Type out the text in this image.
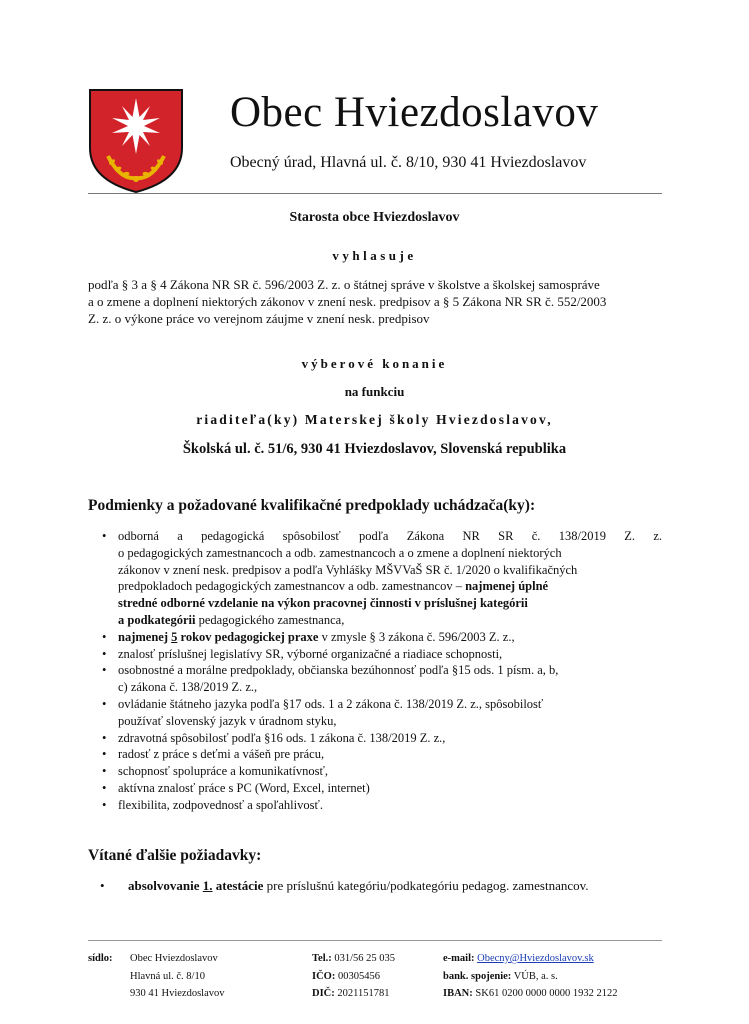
Obec Hviezdoslavov
Obecný úrad, Hlavná ul. č. 8/10, 930 41 Hviezdoslavov
Starosta obce Hviezdoslavov
vyhlasuje
podľa § 3 a § 4 Zákona NR SR č. 596/2003 Z. z. o štátnej správe v školstve a školskej samospráve
a o zmene a doplnení niektorých zákonov v znení nesk. predpisov a § 5 Zákona NR SR č. 552/2003
Z. z. o výkone práce vo verejnom záujme v znení nesk. predpisov
výberové konanie
na funkciu
riaditeľa(ky) Materskej školy Hviezdoslavov,
Školská ul. č. 51/6, 930 41 Hviezdoslavov, Slovenská republika
Podmienky a požadované kvalifikačné predpoklady uchádzača(ky):
• odborná a pedagogická spôsobilosť podľa Zákona NR SR č. 138/2019 Z. z.
o pedagogických zamestnancoch a odb. zamestnancoch a o zmene a doplnení niektorých
zákonov v znení nesk. predpisov a podľa Vyhlášky MŠVVaŠ SR č. 1/2020 o kvalifikačných
predpokladoch pedagogických zamestnancov a odb. zamestnancov – najmenej úplné
stredné odborné vzdelanie na výkon pracovnej činnosti v príslušnej kategórii
a podkategórii pedagogického zamestnanca,
• najmenej 5 rokov pedagogickej praxe v zmysle § 3 zákona č. 596/2003 Z. z.,
• znalosť príslušnej legislatívy SR, výborné organizačné a riadiace schopnosti,
• osobnostné a morálne predpoklady, občianska bezúhonnosť podľa §15 ods. 1 písm. a, b,
c) zákona č. 138/2019 Z. z.,
• ovládanie štátneho jazyka podľa §17 ods. 1 a 2 zákona č. 138/2019 Z. z., spôsobilosť
používať slovenský jazyk v úradnom styku,
• zdravotná spôsobilosť podľa §16 ods. 1 zákona č. 138/2019 Z. z.,
• radosť z práce s deťmi a vášeň pre prácu,
• schopnosť spolupráce a komunikatívnosť,
• aktívna znalosť práce s PC (Word, Excel, internet)
• flexibilita, zodpovednosť a spoľahlivosť.
Vítané ďalšie požiadavky:
• absolvovanie 1. atestácie pre príslušnú kategóriu/podkategóriu pedagog. zamestnancov.
sídlo: Obec Hviezdoslavov
Hlavná ul. č. 8/10
930 41 Hviezdoslavov
Tel.: 031/56 25 035
IČO: 00305456
DIČ: 2021151781
e-mail: Obecny@Hviezdoslavov.sk
bank. spojenie: VÚB, a. s.
IBAN: SK61 0200 0000 0000 1932 2122
